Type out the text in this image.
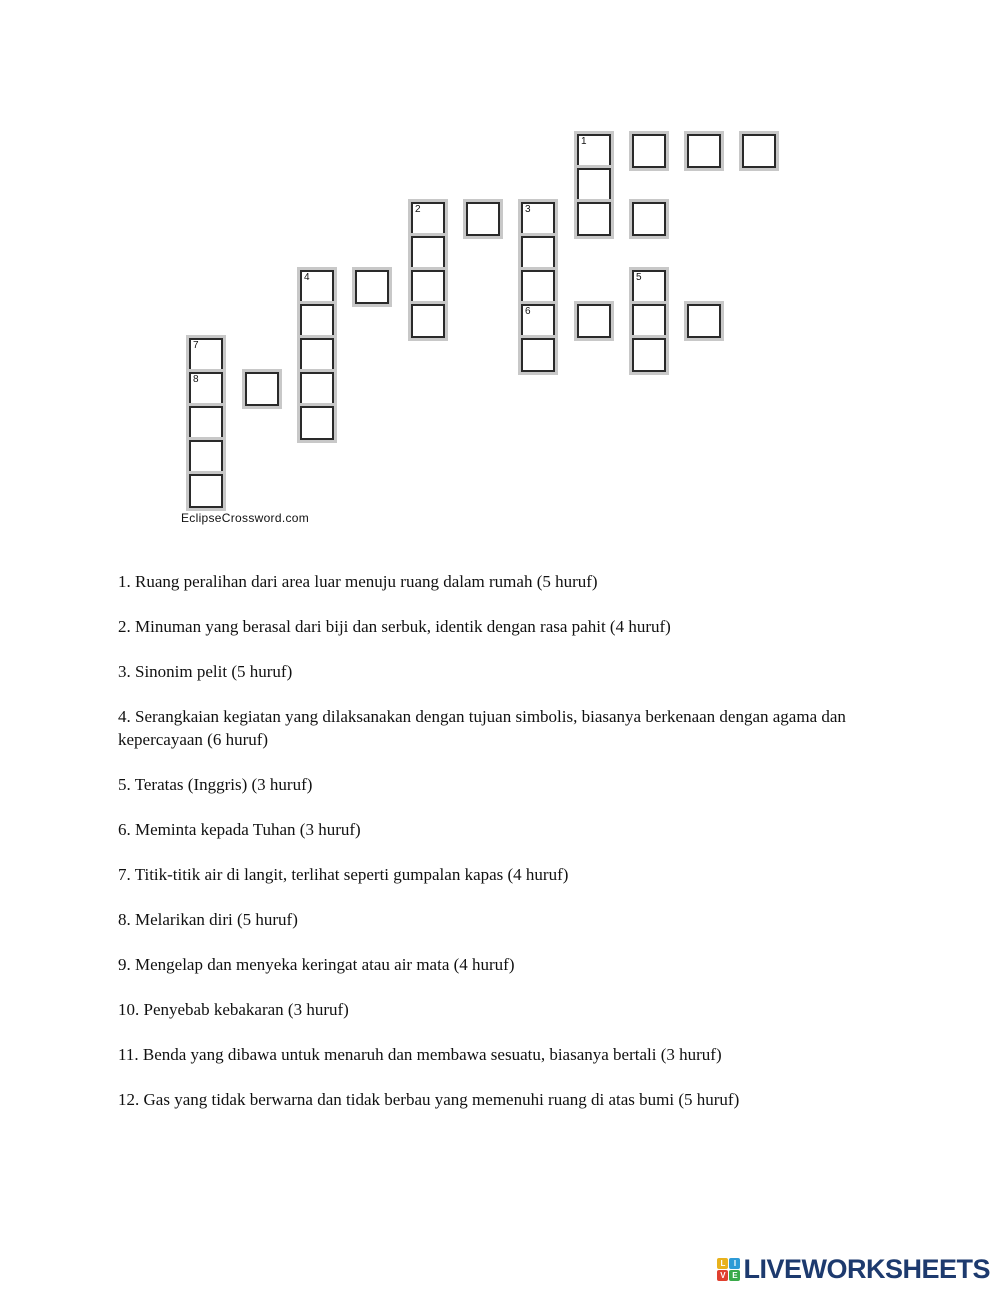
1
2	3
4	5
6
7
8
EclipseCrossword.com
1. Ruang peralihan dari area luar menuju ruang dalam rumah (5 huruf)
2. Minuman yang berasal dari biji dan serbuk, identik dengan rasa pahit (4 huruf)
3. Sinonim pelit (5 huruf)
4. Serangkaian kegiatan yang dilaksanakan dengan tujuan simbolis, biasanya berkenaan dengan agama dan kepercayaan (6 huruf)
5. Teratas (Inggris) (3 huruf)
6. Meminta kepada Tuhan (3 huruf)
7. Titik-titik air di langit, terlihat seperti gumpalan kapas (4 huruf)
8. Melarikan diri (5 huruf)
9. Mengelap dan menyeka keringat atau air mata (4 huruf)
10. Penyebab kebakaran (3 huruf)
11. Benda yang dibawa untuk menaruh dan membawa sesuatu, biasanya bertali (3 huruf)
12. Gas yang tidak berwarna dan tidak berbau yang memenuhi ruang di atas bumi (5 huruf)
L	I
V E LIVEWORKSHEETS
